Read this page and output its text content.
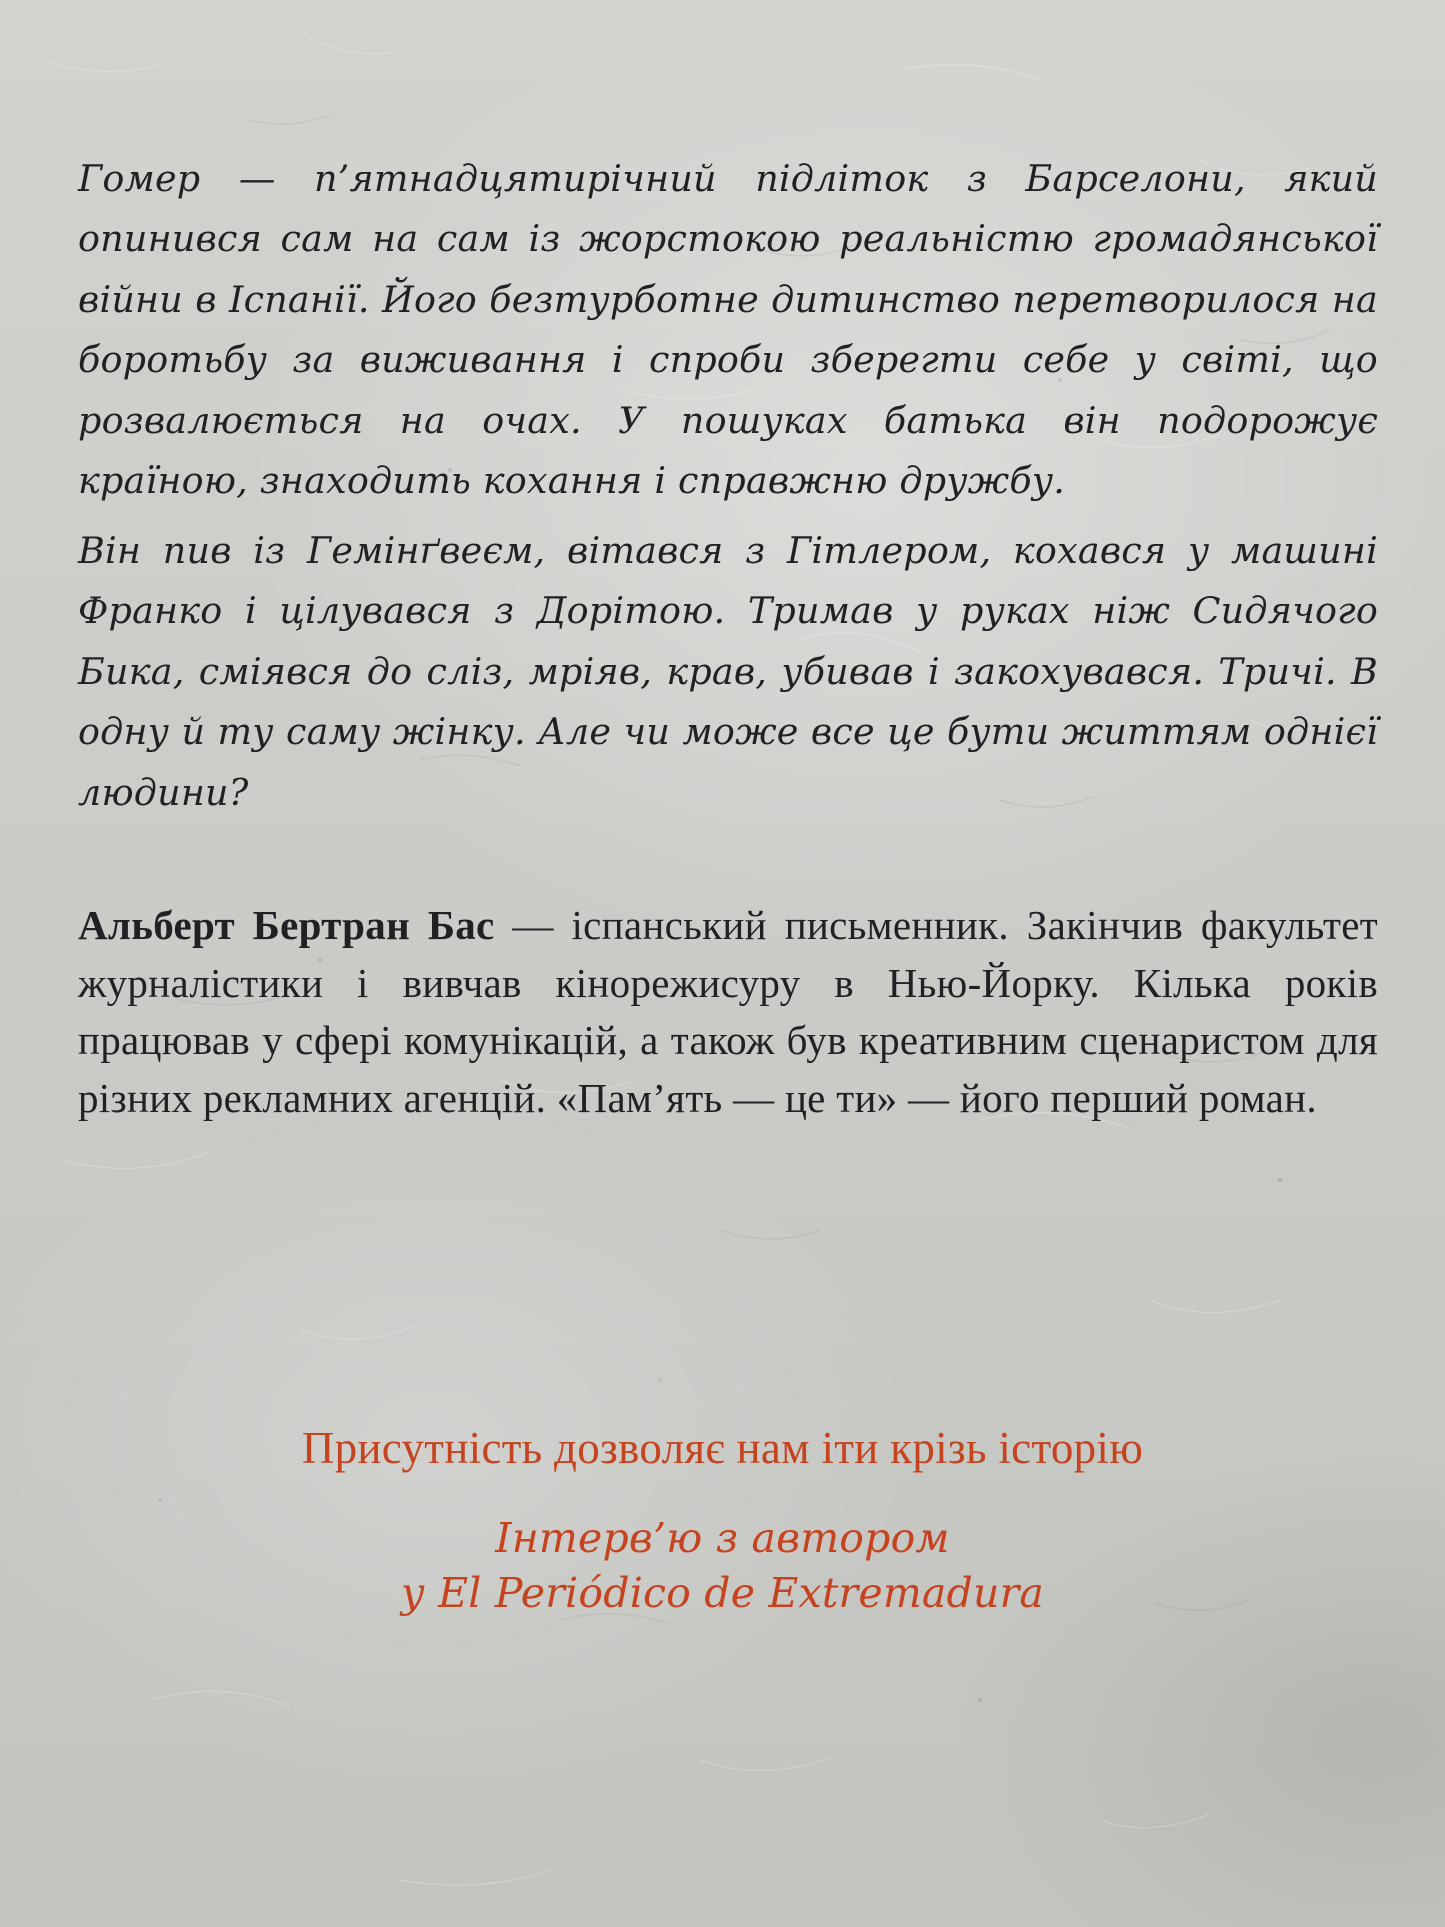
Гомер — п’ятнадцятирічний підліток з Барселони, який опинився сам на сам із жорстокою реальністю громадянської війни в Іспанії. Його безтурботне дитинство перетворилося на боротьбу за виживання і спроби зберегти себе у світі, що розвалюється на очах. У пошуках батька він подорожує країною, знаходить кохання і справжню дружбу.

Він пив із Гемінґвеєм, вітався з Гітлером, кохався у машині Франко і цілувався з Дорітою. Тримав у руках ніж Сидячого Бика, сміявся до сліз, мріяв, крав, убивав і закохувався. Тричі. В одну й ту саму жінку. Але чи може все це бути життям однієї людини?

Альберт Бертран Бас — іспанський письменник. Закінчив факультет журналістики і вивчав кінорежисуру в Нью-Йорку. Кілька років працював у сфері комунікацій, а також був креативним сценаристом для різних рекламних агенцій. «Пам’ять — це ти» — його перший роман.

Присутність дозволяє нам іти крізь історію
Інтерв’ю з автором
у El Periódico de Extremadura
